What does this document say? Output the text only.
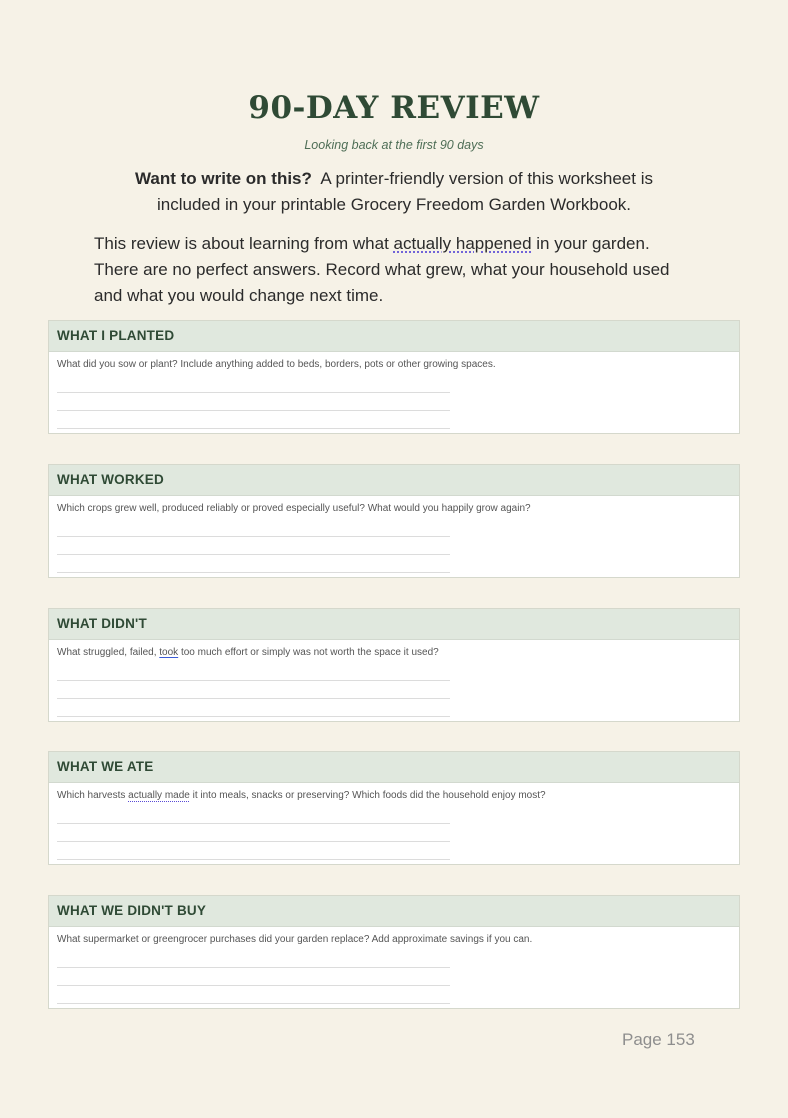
90-DAY REVIEW
Looking back at the first 90 days
Want to write on this? A printer-friendly version of this worksheet is included in your printable Grocery Freedom Garden Workbook.
This review is about learning from what actually happened in your garden. There are no perfect answers. Record what grew, what your household used and what you would change next time.
WHAT I PLANTED
What did you sow or plant? Include anything added to beds, borders, pots or other growing spaces.
WHAT WORKED
Which crops grew well, produced reliably or proved especially useful? What would you happily grow again?
WHAT DIDN'T
What struggled, failed, took too much effort or simply was not worth the space it used?
WHAT WE ATE
Which harvests actually made it into meals, snacks or preserving? Which foods did the household enjoy most?
WHAT WE DIDN'T BUY
What supermarket or greengrocer purchases did your garden replace? Add approximate savings if you can.
Page 153
